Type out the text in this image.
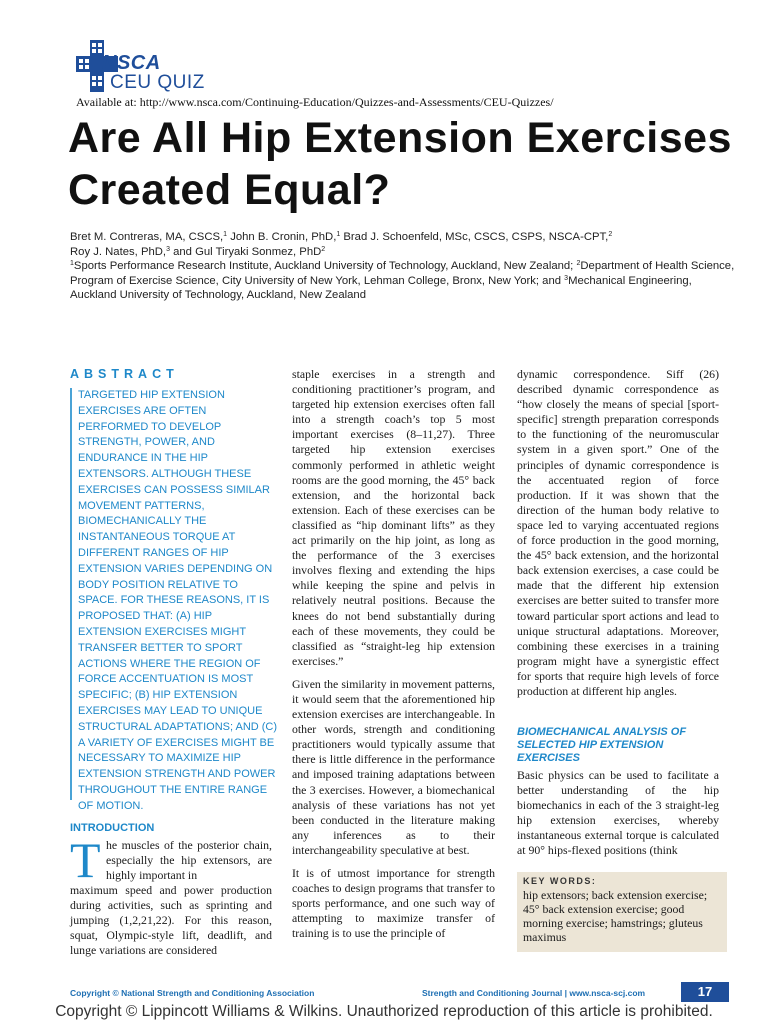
NSCA
CEU QUIZ
Available at: http://www.nsca.com/Continuing-Education/Quizzes-and-Assessments/CEU-Quizzes/
Are All Hip Extension Exercises Created Equal?
Bret M. Contreras, MA, CSCS,$^1$ John B. Cronin, PhD,$^1$ Brad J. Schoenfeld, MSc, CSCS, CSPS, NSCA-CPT,$^2$
Roy J. Nates, PhD,$^3$ and Gul Tiryaki Sonmez, PhD$^2$
$^1$Sports Performance Research Institute, Auckland University of Technology, Auckland, New Zealand; $^2$Department of Health Science, Program of Exercise Science, City University of New York, Lehman College, Bronx, New York; and $^3$Mechanical Engineering, Auckland University of Technology, Auckland, New Zealand
ABSTRACT
TARGETED HIP EXTENSION EXERCISES ARE OFTEN PERFORMED TO DEVELOP STRENGTH, POWER, AND ENDURANCE IN THE HIP EXTENSORS. ALTHOUGH THESE EXERCISES CAN POSSESS SIMILAR MOVEMENT PATTERNS, BIOMECHANICALLY THE INSTANTANEOUS TORQUE AT DIFFERENT RANGES OF HIP EXTENSION VARIES DEPENDING ON BODY POSITION RELATIVE TO SPACE. FOR THESE REASONS, IT IS PROPOSED THAT: (A) HIP EXTENSION EXERCISES MIGHT TRANSFER BETTER TO SPORT ACTIONS WHERE THE REGION OF FORCE ACCENTUATION IS MOST SPECIFIC; (B) HIP EXTENSION EXERCISES MAY LEAD TO UNIQUE STRUCTURAL ADAPTATIONS; AND (C) A VARIETY OF EXERCISES MIGHT BE NECESSARY TO MAXIMIZE HIP EXTENSION STRENGTH AND POWER THROUGHOUT THE ENTIRE RANGE OF MOTION.
INTRODUCTION
T he muscles of the posterior chain, especially the hip extensors, are highly important in
maximum speed and power production during activities, such as sprinting and jumping (1,2,21,22). For this reason, squat, Olympic-style lift, deadlift, and lunge variations are considered

staple exercises in a strength and conditioning practitioner’s program, and targeted hip extension exercises often fall into a strength coach’s top 5 most important exercises (8–11,27). Three targeted hip extension exercises commonly performed in athletic weight rooms are the good morning, the 45° back extension, and the horizontal back extension. Each of these exercises can be classified as “hip dominant lifts” as they act primarily on the hip joint, as long as the performance of the 3 exercises involves flexing and extending the hips while keeping the spine and pelvis in relatively neutral positions. Because the knees do not bend substantially during each of these movements, they could be classified as “straight-leg hip extension exercises.”

Given the similarity in movement patterns, it would seem that the aforementioned hip extension exercises are interchangeable. In other words, strength and conditioning practitioners would typically assume that there is little difference in the performance and imposed training adaptations between the 3 exercises. However, a biomechanical analysis of these variations has not yet been conducted in the literature making any inferences as to their interchangeability speculative at best.

It is of utmost importance for strength coaches to design programs that transfer to sports performance, and one such way of attempting to maximize transfer of training is to use the principle of

dynamic correspondence. Siff (26) described dynamic correspondence as “how closely the means of special [sport-specific] strength preparation corresponds to the functioning of the neuromuscular system in a given sport.” One of the principles of dynamic correspondence is the accentuated region of force production. If it was shown that the direction of the human body relative to space led to varying accentuated regions of force production in the good morning, the 45° back extension, and the horizontal back extension exercises, a case could be made that the different hip extension exercises are better suited to transfer more toward particular sport actions and lead to unique structural adaptations. Moreover, combining these exercises in a training program might have a synergistic effect for sports that require high levels of force production at different hip angles.
BIOMECHANICAL ANALYSIS OF SELECTED HIP EXTENSION EXERCISES
Basic physics can be used to facilitate a better understanding of the hip biomechanics in each of the 3 straight-leg hip extension exercises, whereby instantaneous external torque is calculated at 90° hips-flexed positions (think
KEY WORDS:
hip extensors; back extension exercise; 45° back extension exercise; good morning exercise; hamstrings; gluteus maximus
Copyright © National Strength and Conditioning Association	Strength and Conditioning Journal | www.nsca-scj.com	17
Copyright © Lippincott Williams & Wilkins. Unauthorized reproduction of this article is prohibited.
